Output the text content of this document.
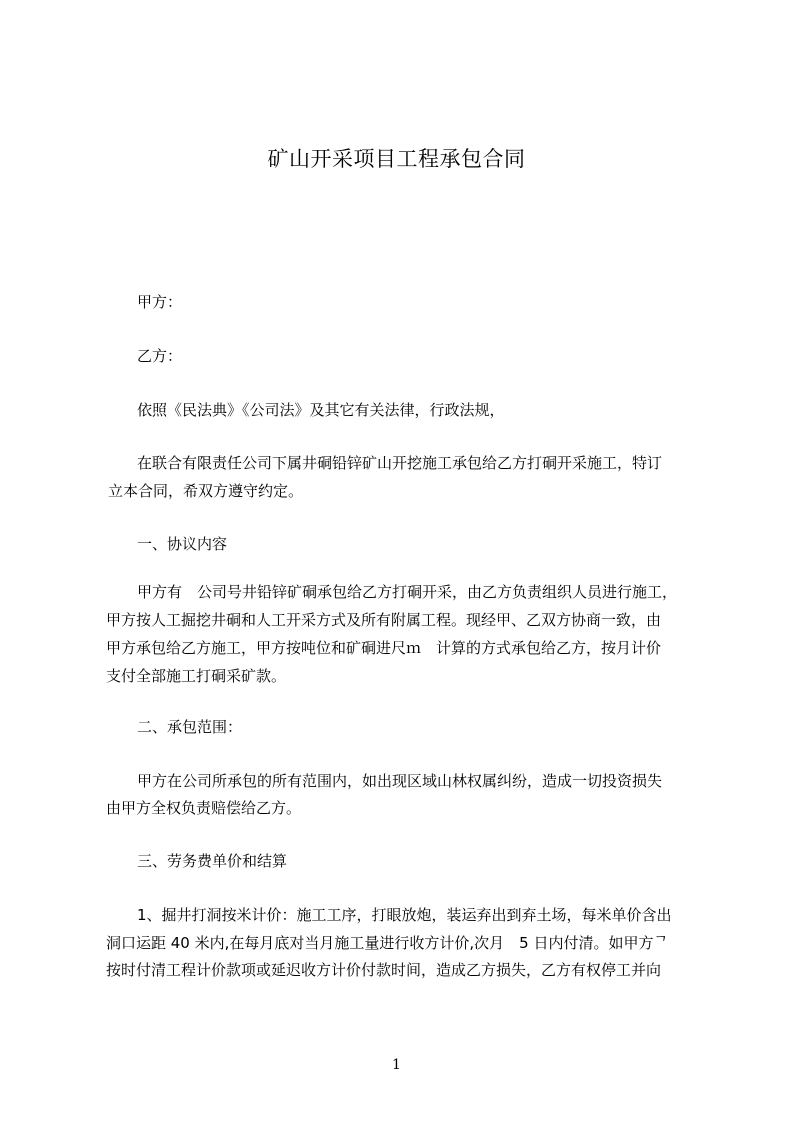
矿山开采项目工程承包合同
甲方：
乙方：
依照《民法典》《公司法》及其它有关法律，行政法规，
在联合有限责任公司下属井硐铅锌矿山开挖施工承包给乙方打硐开采施工，特订
立本合同，希双方遵守约定。
一、协议内容
甲方有　公司号井铅锌矿硐承包给乙方打硐开采，由乙方负责组织人员进行施工，
甲方按人工掘挖井硐和人工开采方式及所有附属工程。现经甲、乙双方协商一致，由
甲方承包给乙方施工，甲方按吨位和矿硐进尺ｍ　计算的方式承包给乙方，按月计价
支付全部施工打硐采矿款。
二、承包范围：
甲方在公司所承包的所有范围内，如出现区域山林权属纠纷，造成一切投资损失
由甲方全权负责赔偿给乙方。
三、劳务费单价和结算
1、掘井打洞按米计价：施工工序，打眼放炮，装运弃出到弃土场，每米单价含出
洞口运距 40 米内,在每月底对当月施工量进行收方计价,次月　5 日内付清。如甲方ᄀ
按时付清工程计价款项或延迟收方计价付款时间，造成乙方损失，乙方有权停工并向
1
